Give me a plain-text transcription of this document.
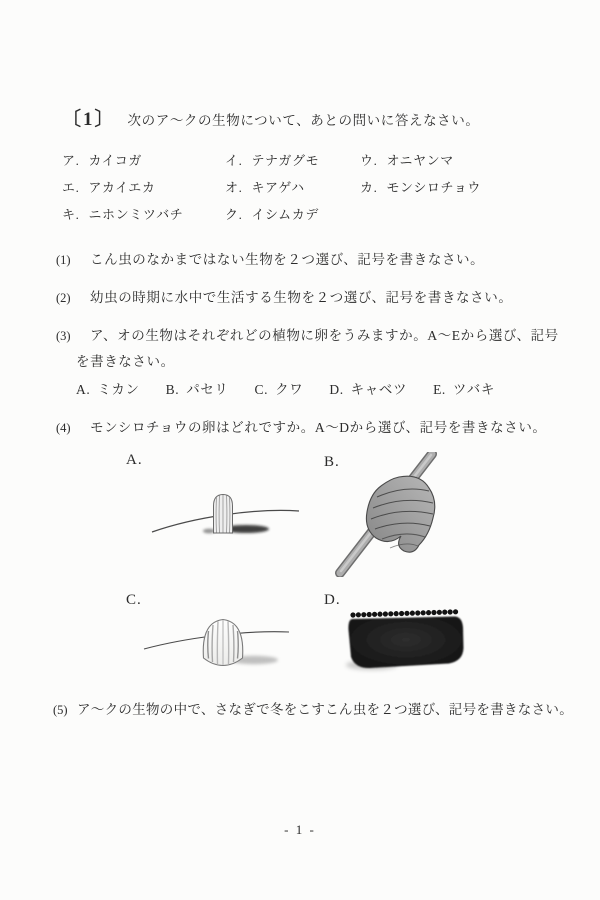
〔1〕 次のア〜クの生物について、あとの問いに答えなさい。
ア. カイコガ	イ. テナガグモ	ウ. オニヤンマ
エ. アカイエカ	オ. キアゲハ	カ. モンシロチョウ
キ. ニホンミツバチ	ク. イシムカデ
(1)	こん虫のなかまではない生物を２つ選び、記号を書きなさい。
(2)	幼虫の時期に水中で生活する生物を２つ選び、記号を書きなさい。
(3)	ア、オの生物はそれぞれどの植物に卵をうみますか。A〜Eから選び、記号
を書きなさい。
A. ミカン B. パセリ C. クワ D. キャベツ E. ツバキ
(4)	モンシロチョウの卵はどれですか。A〜Dから選び、記号を書きなさい。
A.	B.
C.	D.
(5) ア〜クの生物の中で、さなぎで冬をこすこん虫を２つ選び、記号を書きなさい。
- 1 -
